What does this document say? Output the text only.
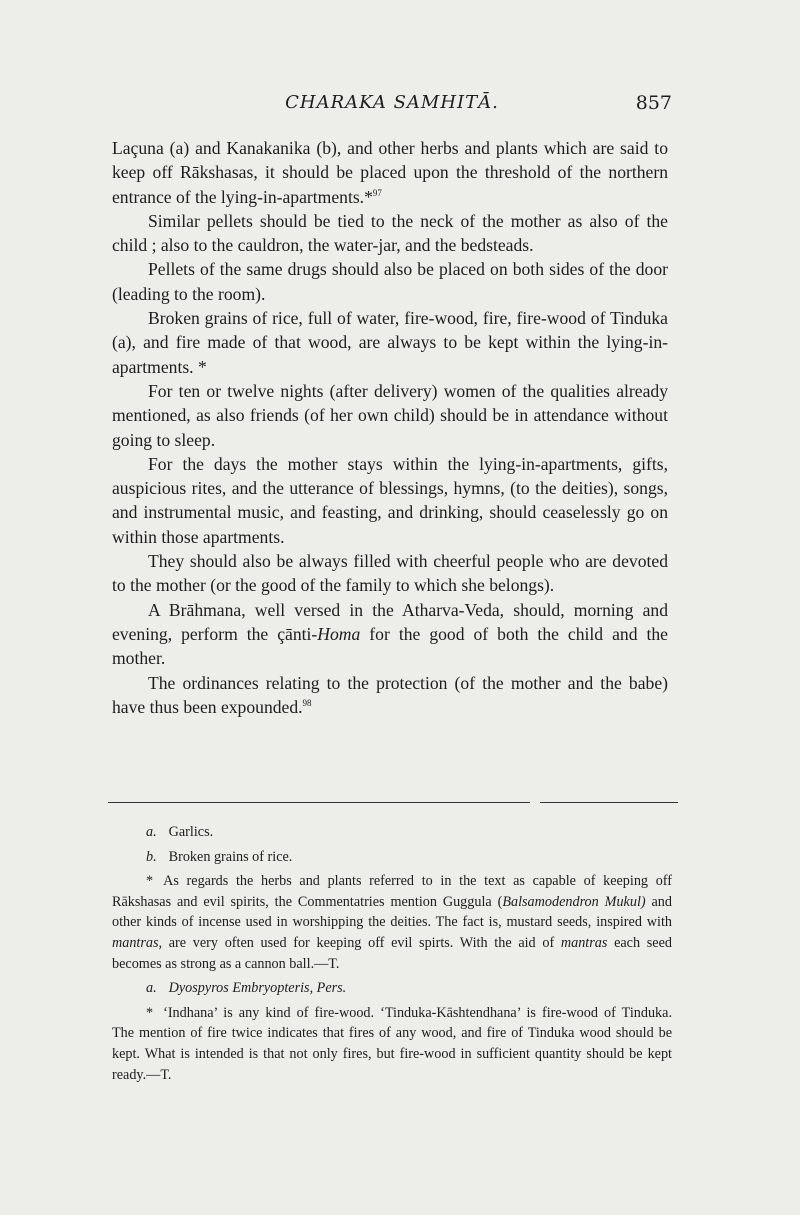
CHARAKA SAMHITĀ.	857

Laçuna (a) and Kanakanika (b), and other herbs and plants which are said to keep off Rākshasas, it should be placed upon the threshold of the northern entrance of the lying-in-apartments.*$^{97}$

Similar pellets should be tied to the neck of the mother as also of the child ; also to the cauldron, the water-jar, and the bedsteads.

Pellets of the same drugs should also be placed on both sides of the door (leading to the room).

Broken grains of rice, full of water, fire-wood, fire, fire-wood of Tinduka (a), and fire made of that wood, are always to be kept within the lying-in-apartments. *

For ten or twelve nights (after delivery) women of the qualities already mentioned, as also friends (of her own child) should be in attendance without going to sleep.

For the days the mother stays within the lying-in-apartments, gifts, auspicious rites, and the utterance of blessings, hymns, (to the deities), songs, and instrumental music, and feasting, and drinking, should ceaselessly go on within those apartments.

They should also be always filled with cheerful people who are devoted to the mother (or the good of the family to which she belongs).

A Brāhmana, well versed in the Atharva-Veda, should, morning and evening, perform the çānti-Homa for the good of both the child and the mother.

The ordinances relating to the protection (of the mother and the babe) have thus been expounded.$^{98}$

a. Garlics.

b. Broken grains of rice.

* As regards the herbs and plants referred to in the text as capable of keeping off Rākshasas and evil spirits, the Commentatries mention Guggula (Balsamodendron Mukul) and other kinds of incense used in worshipping the deities. The fact is, mustard seeds, inspired with mantras, are very often used for keeping off evil spirts. With the aid of mantras each seed becomes as strong as a cannon ball.—T.

a. Dyospyros Embryopteris, Pers.

* ‘Indhana’ is any kind of fire-wood. ‘Tinduka-Kāshtendhana’ is fire-wood of Tinduka. The mention of fire twice indicates that fires of any wood, and fire of Tinduka wood should be kept. What is intended is that not only fires, but fire-wood in sufficient quantity should be kept ready.—T.
